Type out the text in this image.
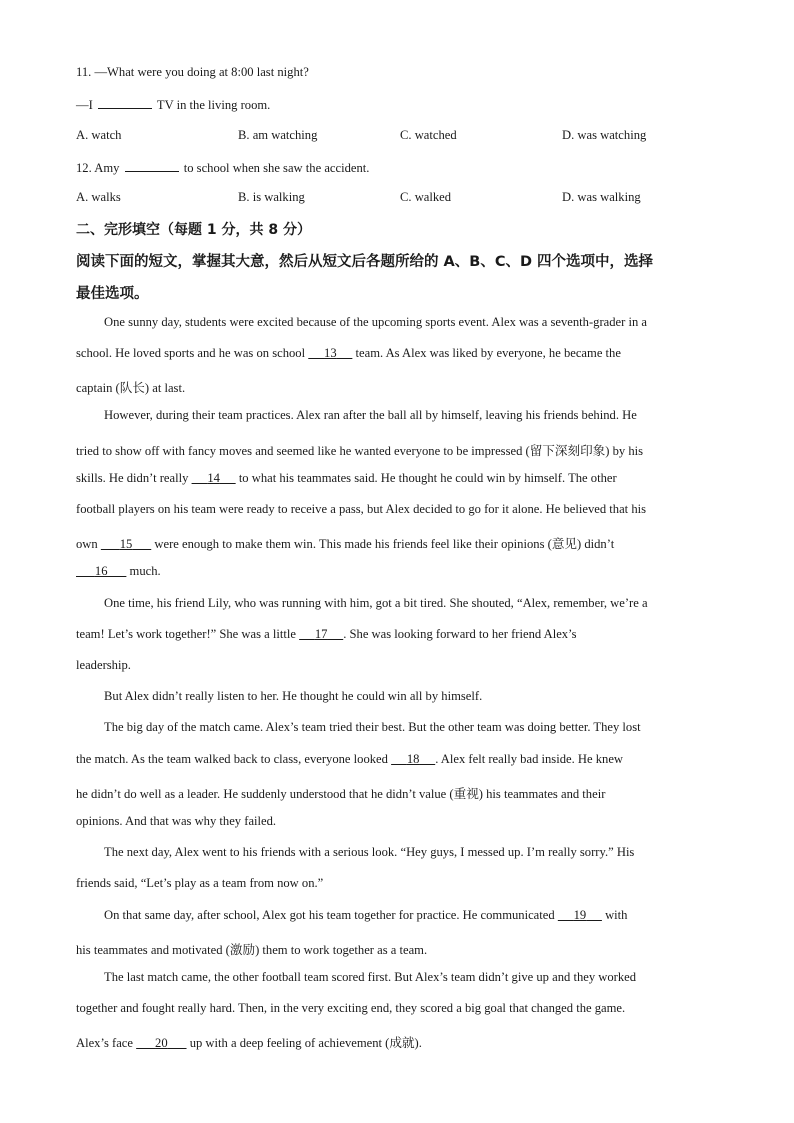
11. —What were you doing at 8:00 last night?
—I	TV in the living room.
A. watch	B. am watching	C. watched	D. was watching
12. Amy	to school when she saw the accident.
A. walks	B. is walking	C. walked	D. was walking
二、完形填空（每题 1 分，共 8 分）
阅读下面的短文，掌握其大意，然后从短文后各题所给的 A、B、C、D 四个选项中，选择
最佳选项。
One sunny day, students were excited because of the upcoming sports event. Alex was a seventh-grader in a
school. He loved sports and he was on school 13 team. As Alex was liked by everyone, he became the
captain (队长) at last.
However, during their team practices. Alex ran after the ball all by himself, leaving his friends behind. He
tried to show off with fancy moves and seemed like he wanted everyone to be impressed (留下深刻印象) by his
skills. He didn’t really 14 to what his teammates said. He thought he could win by himself. The other
football players on his team were ready to receive a pass, but Alex decided to go for it alone. He believed that his
own 15 were enough to make them win. This made his friends feel like their opinions (意见) didn’t
16 much.
One time, his friend Lily, who was running with him, got a bit tired. She shouted, “Alex, remember, we’re a
team! Let’s work together!” She was a little 17 . She was looking forward to her friend Alex’s
leadership.
But Alex didn’t really listen to her. He thought he could win all by himself.
The big day of the match came. Alex’s team tried their best. But the other team was doing better. They lost
the match. As the team walked back to class, everyone looked 18 . Alex felt really bad inside. He knew
he didn’t do well as a leader. He suddenly understood that he didn’t value (重视) his teammates and their
opinions. And that was why they failed.
The next day, Alex went to his friends with a serious look. “Hey guys, I messed up. I’m really sorry.” His
friends said, “Let’s play as a team from now on.”
On that same day, after school, Alex got his team together for practice. He communicated 19 with
his teammates and motivated (激励) them to work together as a team.
The last match came, the other football team scored first. But Alex’s team didn’t give up and they worked
together and fought really hard. Then, in the very exciting end, they scored a big goal that changed the game.
Alex’s face 20 up with a deep feeling of achievement (成就).
